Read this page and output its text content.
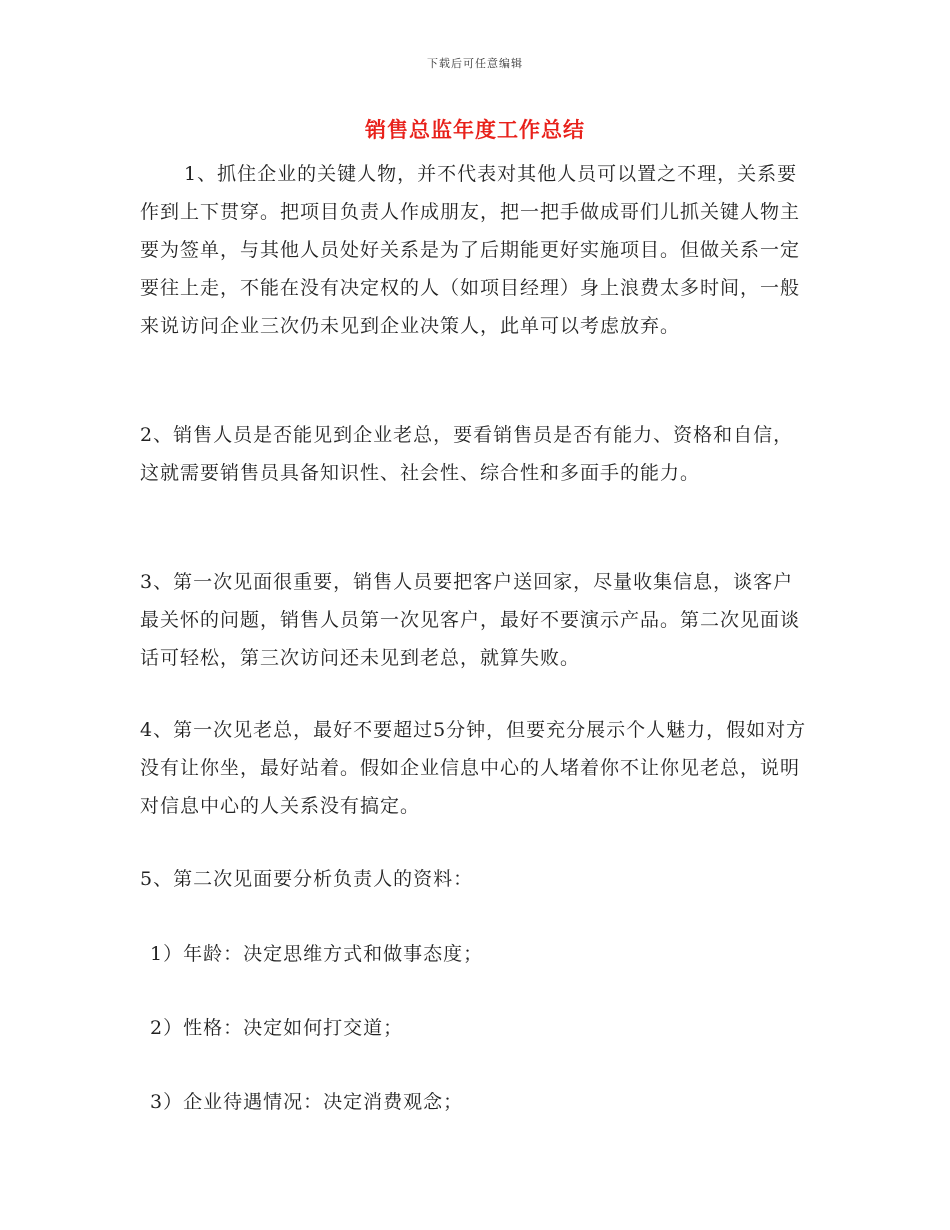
下载后可任意编辑
销售总监年度工作总结

1、抓住企业的关键人物，并不代表对其他人员可以置之不理，关系要作到上下贯穿。把项目负责人作成朋友，把一把手做成哥们儿抓关键人物主要为签单，与其他人员处好关系是为了后期能更好实施项目。但做关系一定要往上走，不能在没有决定权的人（如项目经理）身上浪费太多时间，一般 来说访问企业三次仍未见到企业决策人，此单可以考虑放弃。

2、销售人员是否能见到企业老总，要看销售员是否有能力、资格和自信，这就需要销售员具备知识性、社会性、综合性和多面手的能力。

3、第一次见面很重要，销售人员要把客户送回家，尽量收集信息，谈客户最关怀的问题，销售人员第一次见客户，最好不要演示产品。第二次见面谈话可轻松，第三次访问还未见到老总，就算失败。

4、第一次见老总，最好不要超过5分钟，但要充分展示个人魅力，假如对方没有让你坐，最好站着。假如企业信息中心的人堵着你不让你见老总，说明对信息中心的人关系没有搞定。

5、第二次见面要分析负责人的资料：

1）年龄：决定思维方式和做事态度；
2）性格：决定如何打交道；
3）企业待遇情况：决定消费观念；
